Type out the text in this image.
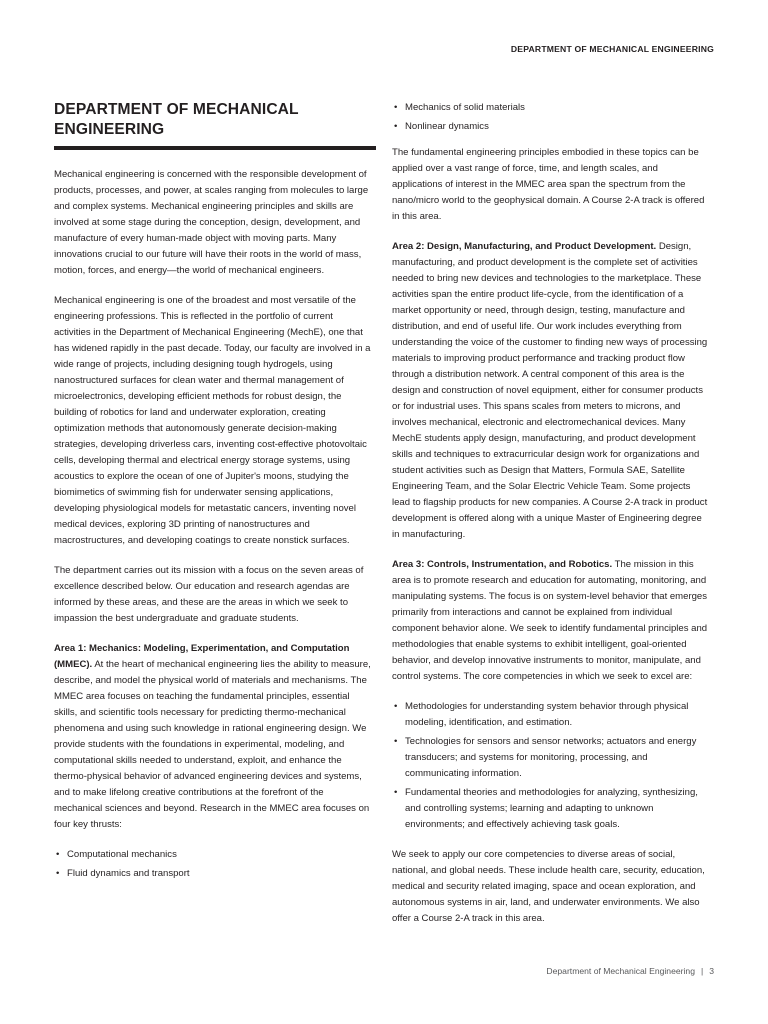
DEPARTMENT OF MECHANICAL ENGINEERING
DEPARTMENT OF MECHANICAL ENGINEERING

Mechanical engineering is concerned with the responsible development of products, processes, and power, at scales ranging from molecules to large and complex systems. Mechanical engineering principles and skills are involved at some stage during the conception, design, development, and manufacture of every human-made object with moving parts. Many innovations crucial to our future will have their roots in the world of mass, motion, forces, and energy—the world of mechanical engineers.

Mechanical engineering is one of the broadest and most versatile of the engineering professions. This is reflected in the portfolio of current activities in the Department of Mechanical Engineering (MechE), one that has widened rapidly in the past decade. Today, our faculty are involved in a wide range of projects, including designing tough hydrogels, using nanostructured surfaces for clean water and thermal management of microelectronics, developing efficient methods for robust design, the building of robotics for land and underwater exploration, creating optimization methods that autonomously generate decision-making strategies, developing driverless cars, inventing cost-effective photovoltaic cells, developing thermal and electrical energy storage systems, using acoustics to explore the ocean of one of Jupiter's moons, studying the biomimetics of swimming fish for underwater sensing applications, developing physiological models for metastatic cancers, inventing novel medical devices, exploring 3D printing of nanostructures and macrostructures, and developing coatings to create nonstick surfaces.

The department carries out its mission with a focus on the seven areas of excellence described below. Our education and research agendas are informed by these areas, and these are the areas in which we seek to impassion the best undergraduate and graduate students.

Area 1: Mechanics: Modeling, Experimentation, and Computation (MMEC). At the heart of mechanical engineering lies the ability to measure, describe, and model the physical world of materials and mechanisms. The MMEC area focuses on teaching the fundamental principles, essential skills, and scientific tools necessary for predicting thermo-mechanical phenomena and using such knowledge in rational engineering design. We provide students with the foundations in experimental, modeling, and computational skills needed to understand, exploit, and enhance the thermo-physical behavior of advanced engineering devices and systems, and to make lifelong creative contributions at the forefront of the mechanical sciences and beyond. Research in the MMEC area focuses on four key thrusts:

• Computational mechanics
• Fluid dynamics and transport
• Mechanics of solid materials
• Nonlinear dynamics

The fundamental engineering principles embodied in these topics can be applied over a vast range of force, time, and length scales, and applications of interest in the MMEC area span the spectrum from the nano/micro world to the geophysical domain. A Course 2-A track is offered in this area.

Area 2: Design, Manufacturing, and Product Development. Design, manufacturing, and product development is the complete set of activities needed to bring new devices and technologies to the marketplace. These activities span the entire product life-cycle, from the identification of a market opportunity or need, through design, testing, manufacture and distribution, and end of useful life. Our work includes everything from understanding the voice of the customer to finding new ways of processing materials to improving product performance and tracking product flow through a distribution network. A central component of this area is the design and construction of novel equipment, either for consumer products or for industrial uses. This spans scales from meters to microns, and involves mechanical, electronic and electromechanical devices. Many MechE students apply design, manufacturing, and product development skills and techniques to extracurricular design work for organizations and student activities such as Design that Matters, Formula SAE, Satellite Engineering Team, and the Solar Electric Vehicle Team. Some projects lead to flagship products for new companies. A Course 2-A track in product development is offered along with a unique Master of Engineering degree in manufacturing.

Area 3: Controls, Instrumentation, and Robotics. The mission in this area is to promote research and education for automating, monitoring, and manipulating systems. The focus is on system-level behavior that emerges primarily from interactions and cannot be explained from individual component behavior alone. We seek to identify fundamental principles and methodologies that enable systems to exhibit intelligent, goal-oriented behavior, and develop innovative instruments to monitor, manipulate, and control systems. The core competencies in which we seek to excel are:

• Methodologies for understanding system behavior through physical modeling, identification, and estimation.
• Technologies for sensors and sensor networks; actuators and energy transducers; and systems for monitoring, processing, and communicating information.
• Fundamental theories and methodologies for analyzing, synthesizing, and controlling systems; learning and adapting to unknown environments; and effectively achieving task goals.

We seek to apply our core competencies to diverse areas of social, national, and global needs. These include health care, security, education, medical and security related imaging, space and ocean exploration, and autonomous systems in air, land, and underwater environments. We also offer a Course 2-A track in this area.

Department of Mechanical Engineering | 3
